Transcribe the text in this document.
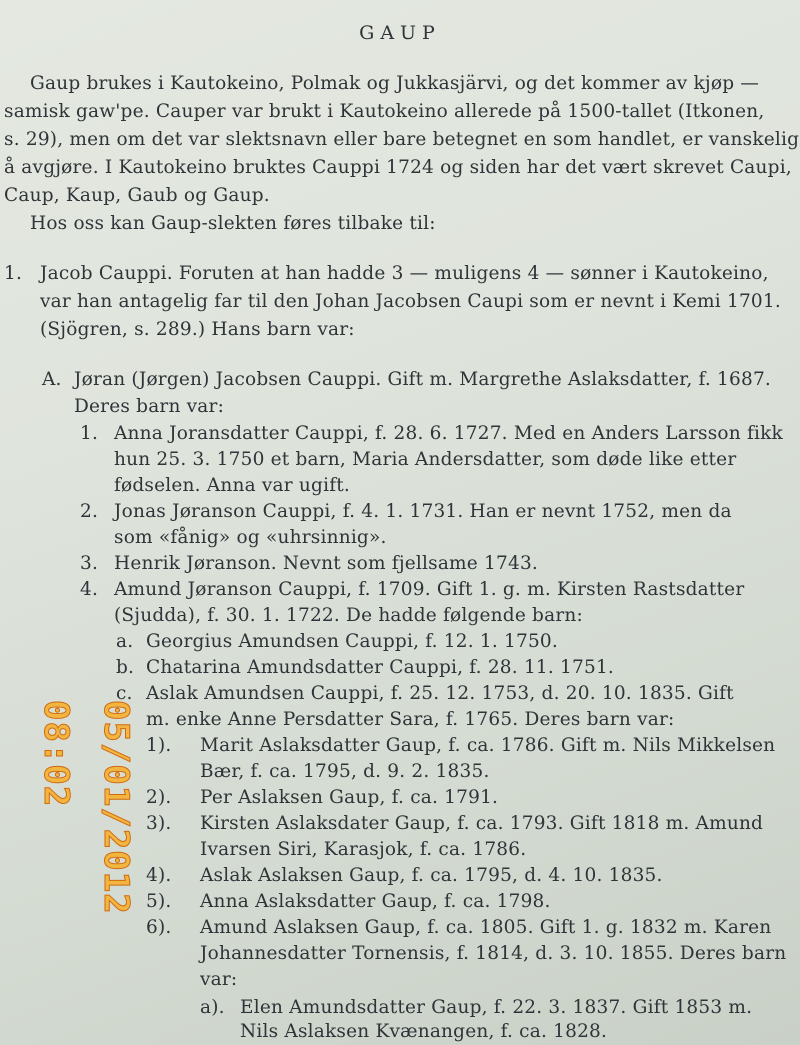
GAUP
Gaup brukes i Kautokeino, Polmak og Jukkasjärvi, og det kommer av kjøp —
samisk gaw'pe. Cauper var brukt i Kautokeino allerede på 1500-tallet (Itkonen,
s. 29), men om det var slektsnavn eller bare betegnet en som handlet, er vanskelig
å avgjøre. I Kautokeino bruktes Cauppi 1724 og siden har det vært skrevet Caupi,
Caup, Kaup, Gaub og Gaup.
Hos oss kan Gaup-slekten føres tilbake til:
1. Jacob Cauppi. Foruten at han hadde 3 — muligens 4 — sønner i Kautokeino,
var han antagelig far til den Johan Jacobsen Caupi som er nevnt i Kemi 1701.
(Sjögren, s. 289.) Hans barn var:
A. Jøran (Jørgen) Jacobsen Cauppi. Gift m. Margrethe Aslaksdatter, f. 1687.
Deres barn var:
1. Anna Joransdatter Cauppi, f. 28. 6. 1727. Med en Anders Larsson fikk
hun 25. 3. 1750 et barn, Maria Andersdatter, som døde like etter
fødselen. Anna var ugift.
2. Jonas Jøranson Cauppi, f. 4. 1. 1731. Han er nevnt 1752, men da
som «fånig» og «uhrsinnig».
3. Henrik Jøranson. Nevnt som fjellsame 1743.
4. Amund Jøranson Cauppi, f. 1709. Gift 1. g. m. Kirsten Rastsdatter
(Sjudda), f. 30. 1. 1722. De hadde følgende barn:
a. Georgius Amundsen Cauppi, f. 12. 1. 1750.
b. Chatarina Amundsdatter Cauppi, f. 28. 11. 1751.
c. Aslak Amundsen Cauppi, f. 25. 12. 1753, d. 20. 10. 1835. Gift
m. enke Anne Persdatter Sara, f. 1765. Deres barn var:
1). Marit Aslaksdatter Gaup, f. ca. 1786. Gift m. Nils Mikkelsen
Bær, f. ca. 1795, d. 9. 2. 1835.
2). Per Aslaksen Gaup, f. ca. 1791.
3). Kirsten Aslaksdater Gaup, f. ca. 1793. Gift 1818 m. Amund
Ivarsen Siri, Karasjok, f. ca. 1786.
4). Aslak Aslaksen Gaup, f. ca. 1795, d. 4. 10. 1835.
5). Anna Aslaksdatter Gaup, f. ca. 1798.
6). Amund Aslaksen Gaup, f. ca. 1805. Gift 1. g. 1832 m. Karen
Johannesdatter Tornensis, f. 1814, d. 3. 10. 1855. Deres barn
var:
a). Elen Amundsdatter Gaup, f. 22. 3. 1837. Gift 1853 m.
Nils Aslaksen Kvænangen, f. ca. 1828.
05/01/2012 08:02
